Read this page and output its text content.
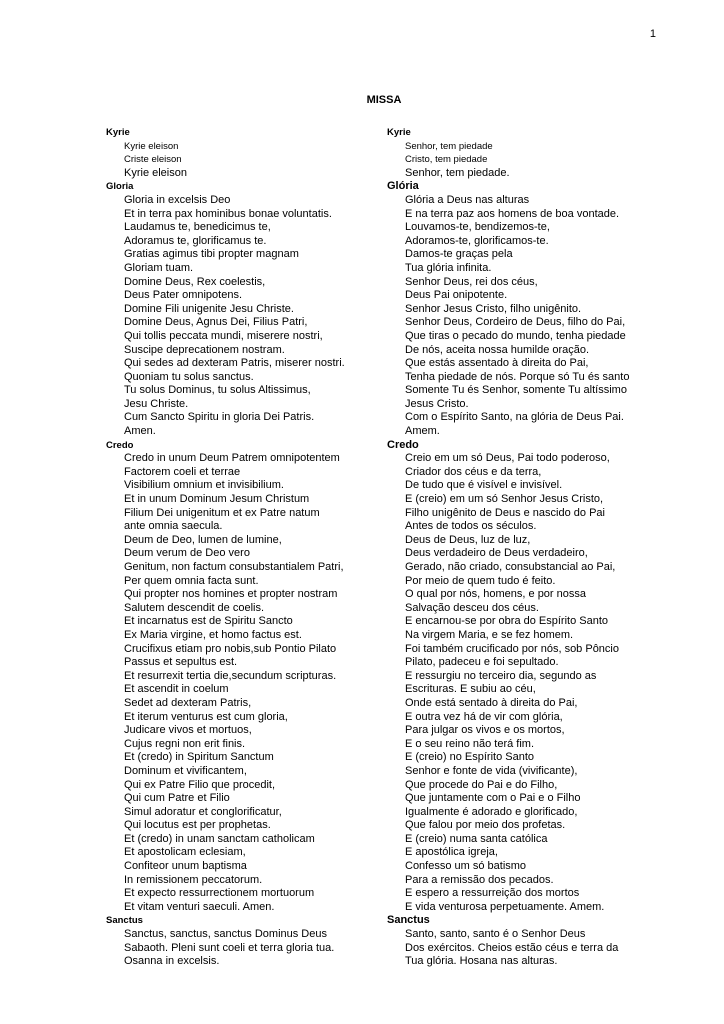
1
MISSA
Kyrie
Kyrie eleison
Criste eleison
Kyrie eleison
Gloria
Gloria in excelsis Deo
Et in terra pax hominibus bonae voluntatis.
Laudamus te, benedicimus te,
Adoramus te, glorificamus te.
Gratias agimus tibi propter magnam
Gloriam tuam.
Domine Deus, Rex coelestis,
Deus Pater omnipotens.
Domine Fili unigenite Jesu Christe.
Domine Deus, Agnus Dei, Filius Patri,
Qui tollis peccata mundi, miserere nostri,
Suscipe deprecationem nostram.
Qui sedes ad dexteram Patris, miserer nostri.
Quoniam tu solus sanctus.
Tu solus Dominus, tu solus Altissimus,
Jesu Christe.
Cum Sancto Spiritu in gloria Dei Patris.
Amen.
Credo
Credo in unum Deum Patrem omnipotentem
Factorem coeli et terrae
Visibilium omnium et invisibilium.
Et in unum Dominum Jesum Christum
Filium Dei unigenitum et ex Patre natum
ante omnia saecula.
Deum de Deo, lumen de lumine,
Deum verum de Deo vero
Genitum, non factum consubstantialem Patri,
Per quem omnia facta sunt.
Qui propter nos homines et propter nostram
Salutem descendit de coelis.
Et incarnatus est de Spiritu Sancto
Ex Maria virgine, et homo factus est.
Crucifixus etiam pro nobis,sub Pontio Pilato
Passus et sepultus est.
Et resurrexit tertia die,secundum scripturas.
Et ascendit in coelum
Sedet ad dexteram Patris,
Et iterum venturus est cum gloria,
Judicare vivos et mortuos,
Cujus regni non erit finis.
Et (credo) in Spiritum Sanctum
Dominum et vivificantem,
Qui ex Patre Filio que procedit,
Qui cum Patre et Filio
Simul adoratur et conglorificatur,
Qui locutus est per prophetas.
Et (credo) in unam sanctam catholicam
Et apostolicam eclesiam,
Confiteor unum baptisma
In remissionem peccatorum.
Et expecto ressurrectionem mortuorum
Et vitam venturi saeculi. Amen.
Sanctus
Sanctus, sanctus, sanctus Dominus Deus
Sabaoth. Pleni sunt coeli et terra gloria tua.
Osanna in excelsis.
Kyrie
Senhor, tem piedade
Cristo, tem piedade
Senhor, tem piedade.
Glória
Glória a Deus nas alturas
E na terra paz aos homens de boa vontade.
Louvamos-te, bendizemos-te,
Adoramos-te, glorificamos-te.
Damos-te graças pela
Tua glória infinita.
Senhor Deus, rei dos céus,
Deus Pai onipotente.
Senhor Jesus Cristo, filho unigênito.
Senhor Deus, Cordeiro de Deus, filho do Pai,
Que tiras o pecado do mundo, tenha piedade
De nós, aceita nossa humilde oração.
Que estás assentado à direita do Pai,
Tenha piedade de nós. Porque só Tu és santo
Somente Tu és Senhor, somente Tu altíssimo
Jesus Cristo.
Com o Espírito Santo, na glória de Deus Pai.
Amem.
Credo
Creio em um só Deus, Pai todo poderoso,
Criador dos céus e da terra,
De tudo que é visível e invisível.
E (creio) em um só Senhor Jesus Cristo,
Filho unigênito de Deus e nascido do Pai
Antes de todos os séculos.
Deus de Deus, luz de luz,
Deus verdadeiro de Deus verdadeiro,
Gerado, não criado, consubstancial ao Pai,
Por meio de quem tudo é feito.
O qual por nós, homens, e por nossa
Salvação desceu dos céus.
E encarnou-se por obra do Espírito Santo
Na virgem Maria, e se fez homem.
Foi também crucificado por nós, sob Pôncio
Pilato, padeceu e foi sepultado.
E ressurgiu no terceiro dia, segundo as
Escrituras. E subiu ao céu,
Onde está sentado à direita do Pai,
E outra vez há de vir com glória,
Para julgar os vivos e os mortos,
E o seu reino não terá fim.
E (creio) no Espírito Santo
Senhor e fonte de vida (vivificante),
Que procede do Pai e do Filho,
Que juntamente com o Pai e o Filho
Igualmente é adorado e glorificado,
Que falou por meio dos profetas.
E (creio) numa santa católica
E apostólica igreja,
Confesso um só batismo
Para a remissão dos pecados.
E espero a ressurreição dos mortos
E vida venturosa perpetuamente. Amem.
Sanctus
Santo, santo, santo é o Senhor Deus
Dos exércitos. Cheios estão céus e terra da
Tua glória. Hosana nas alturas.
